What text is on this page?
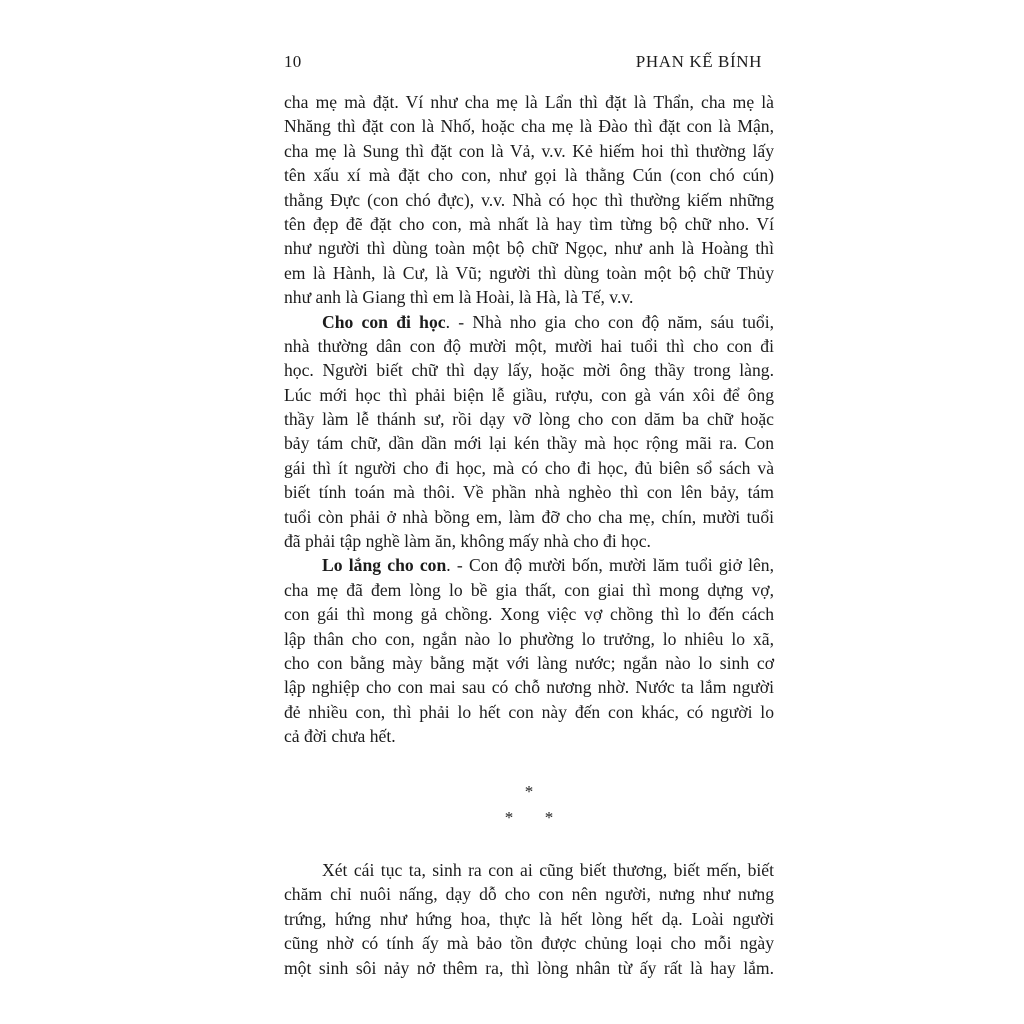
10	PHAN KẾ BÍNH
cha mẹ mà đặt. Ví như cha mẹ là Lẩn thì đặt là Thẩn, cha mẹ là
Nhăng thì đặt con là Nhố, hoặc cha mẹ là Đào thì đặt con là Mận,
cha mẹ là Sung thì đặt con là Vả, v.v. Kẻ hiếm hoi thì thường lấy
tên xấu xí mà đặt cho con, như gọi là thằng Cún (con chó cún)
thằng Đực (con chó đực), v.v. Nhà có học thì thường kiếm những
tên đẹp đẽ đặt cho con, mà nhất là hay tìm từng bộ chữ nho. Ví
như người thì dùng toàn một bộ chữ Ngọc, như anh là Hoàng thì
em là Hành, là Cư, là Vũ; người thì dùng toàn một bộ chữ Thủy
như anh là Giang thì em là Hoài, là Hà, là Tế, v.v.
Cho con đi học. - Nhà nho gia cho con độ năm, sáu tuổi,
nhà thường dân con độ mười một, mười hai tuổi thì cho con đi
học. Người biết chữ thì dạy lấy, hoặc mời ông thầy trong làng.
Lúc mới học thì phải biện lễ giầu, rượu, con gà ván xôi để ông
thầy làm lễ thánh sư, rồi dạy vỡ lòng cho con dăm ba chữ hoặc
bảy tám chữ, dần dần mới lại kén thầy mà học rộng mãi ra. Con
gái thì ít người cho đi học, mà có cho đi học, đủ biên sổ sách và
biết tính toán mà thôi. Về phần nhà nghèo thì con lên bảy, tám
tuổi còn phải ở nhà bồng em, làm đỡ cho cha mẹ, chín, mười tuổi
đã phải tập nghề làm ăn, không mấy nhà cho đi học.
Lo lắng cho con. - Con độ mười bốn, mười lăm tuổi giở lên,
cha mẹ đã đem lòng lo bề gia thất, con giai thì mong dựng vợ,
con gái thì mong gả chồng. Xong việc vợ chồng thì lo đến cách
lập thân cho con, ngắn nào lo phường lo trưởng, lo nhiêu lo xã,
cho con bằng mày bằng mặt với làng nước; ngắn nào lo sinh cơ
lập nghiệp cho con mai sau có chỗ nương nhờ. Nước ta lắm người
đẻ nhiều con, thì phải lo hết con này đến con khác, có người lo
cả đời chưa hết.
*
* *
Xét cái tục ta, sinh ra con ai cũng biết thương, biết mến, biết
chăm chỉ nuôi nấng, dạy dỗ cho con nên người, nưng như nưng
trứng, hứng như hứng hoa, thực là hết lòng hết dạ. Loài người
cũng nhờ có tính ấy mà bảo tồn được chủng loại cho mỗi ngày
một sinh sôi nảy nở thêm ra, thì lòng nhân từ ấy rất là hay lắm.
